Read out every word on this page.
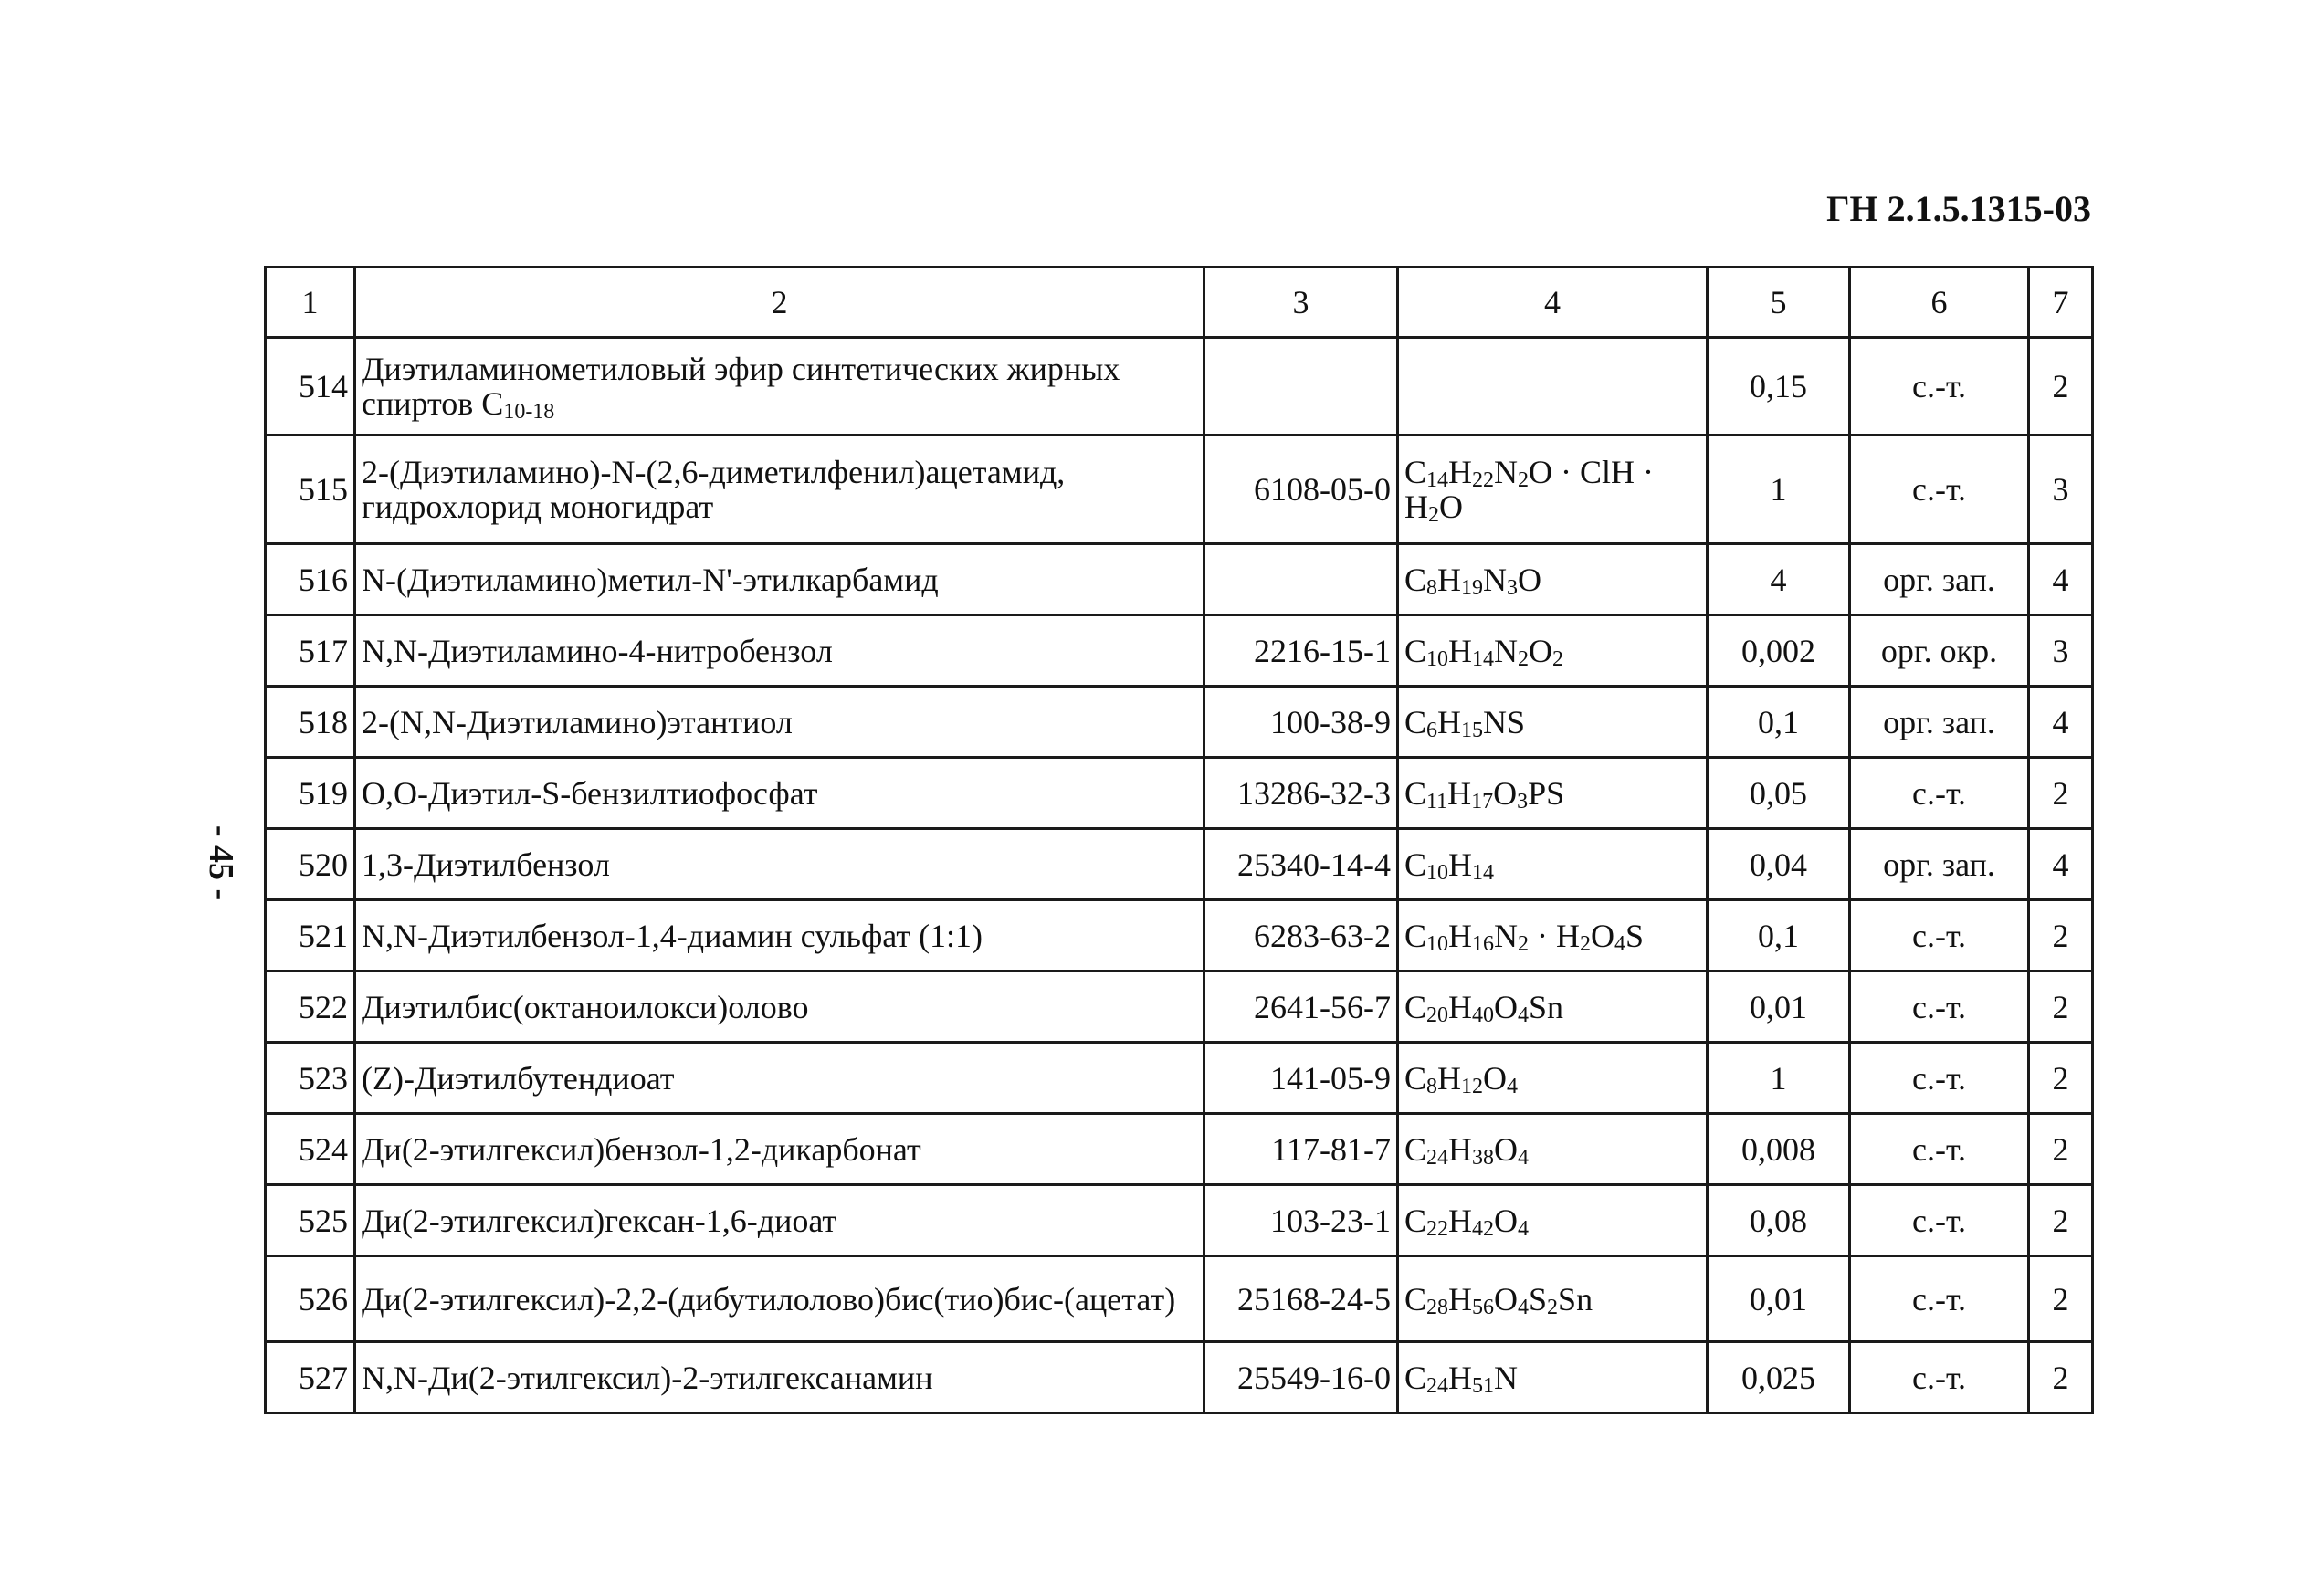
ГН 2.1.5.1315-03
- 45 -
1	2	3	4	5	6	7
514	Диэтиламинометиловый эфир синтетических жирных спиртов $C_{10-18}$			0,15	с.-т.	2
515	2-(Диэтиламино)-N-(2,6-диметилфенил)ацетамид, гидрохлорид моногидрат	6108-05-0	$C_{14}H_{22}N_2O$ · ClH · $H_2O$	1	с.-т.	3
516	N-(Диэтиламино)метил-N'-этилкарбамид		$C_8H_{19}N_3O$	4	орг. зап.	4
517	N,N-Диэтиламино-4-нитробензол	2216-15-1	$C_{10}H_{14}N_2O_2$	0,002	орг. окр.	3
518	2-(N,N-Диэтиламино)этантиол	100-38-9	$C_6H_{15}NS$	0,1	орг. зап.	4
519	О,О-Диэтил-S-бензилтиофосфат	13286-32-3	$C_{11}H_{17}O_3PS$	0,05	с.-т.	2
520	1,3-Диэтилбензол	25340-14-4	$C_{10}H_{14}$	0,04	орг. зап.	4
521	N,N-Диэтилбензол-1,4-диамин сульфат (1:1)	6283-63-2	$C_{10}H_{16}N_2 \cdot H_2O_4S$	0,1	с.-т.	2
522	Диэтилбис(октаноилокси)олово	2641-56-7	$C_{20}H_{40}O_4Sn$	0,01	с.-т.	2
523	(Z)-Диэтилбутендиоат	141-05-9	$C_8H_{12}O_4$	1	с.-т.	2
524	Ди(2-этилгексил)бензол-1,2-дикарбонат	117-81-7	$C_{24}H_{38}O_4$	0,008	с.-т.	2
525	Ди(2-этилгексил)гексан-1,6-диоат	103-23-1	$C_{22}H_{42}O_4$	0,08	с.-т.	2
526	Ди(2-этилгексил)-2,2-(дибутилолово)бис(тио)бис-(ацетат)	25168-24-5	$C_{28}H_{56}O_4S_2Sn$	0,01	с.-т.	2
527	N,N-Ди(2-этилгексил)-2-этилгексанамин	25549-16-0	$C_{24}H_{51}N$	0,025	с.-т.	2
